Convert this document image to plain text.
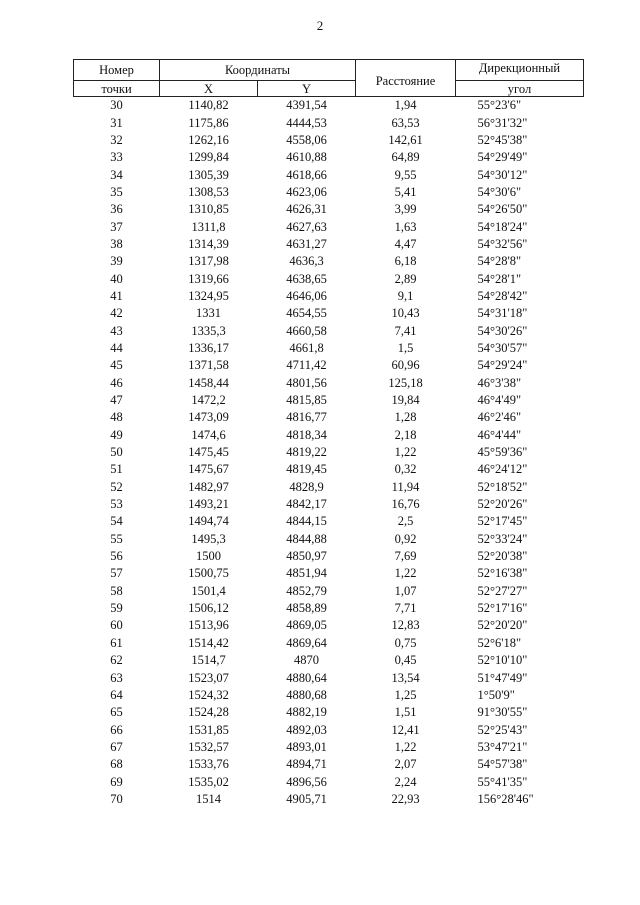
2
Номер	Координаты		Расстояние	Дирекционный

точки	X	Y		угол
30	1140,82	4391,54	1,94	55°23'6"
31	1175,86	4444,53	63,53	56°31'32"
32	1262,16	4558,06	142,61	52°45'38"
33	1299,84	4610,88	64,89	54°29'49"
34	1305,39	4618,66	9,55	54°30'12"
35	1308,53	4623,06	5,41	54°30'6"
36	1310,85	4626,31	3,99	54°26'50"
37	1311,8	4627,63	1,63	54°18'24"
38	1314,39	4631,27	4,47	54°32'56"
39	1317,98	4636,3	6,18	54°28'8"
40	1319,66	4638,65	2,89	54°28'1"
41	1324,95	4646,06	9,1	54°28'42"
42	1331	4654,55	10,43	54°31'18"
43	1335,3	4660,58	7,41	54°30'26"
44	1336,17	4661,8	1,5	54°30'57"
45	1371,58	4711,42	60,96	54°29'24"
46	1458,44	4801,56	125,18	46°3'38"
47	1472,2	4815,85	19,84	46°4'49"
48	1473,09	4816,77	1,28	46°2'46"
49	1474,6	4818,34	2,18	46°4'44"
50	1475,45	4819,22	1,22	45°59'36"
51	1475,67	4819,45	0,32	46°24'12"
52	1482,97	4828,9	11,94	52°18'52"
53	1493,21	4842,17	16,76	52°20'26"
54	1494,74	4844,15	2,5	52°17'45"
55	1495,3	4844,88	0,92	52°33'24"
56	1500	4850,97	7,69	52°20'38"
57	1500,75	4851,94	1,22	52°16'38"
58	1501,4	4852,79	1,07	52°27'27"
59	1506,12	4858,89	7,71	52°17'16"
60	1513,96	4869,05	12,83	52°20'20"
61	1514,42	4869,64	0,75	52°6'18"
62	1514,7	4870	0,45	52°10'10"
63	1523,07	4880,64	13,54	51°47'49"
64	1524,32	4880,68	1,25	1°50'9"
65	1524,28	4882,19	1,51	91°30'55"
66	1531,85	4892,03	12,41	52°25'43"
67	1532,57	4893,01	1,22	53°47'21"
68	1533,76	4894,71	2,07	54°57'38"
69	1535,02	4896,56	2,24	55°41'35"
70	1514	4905,71	22,93	156°28'46"
